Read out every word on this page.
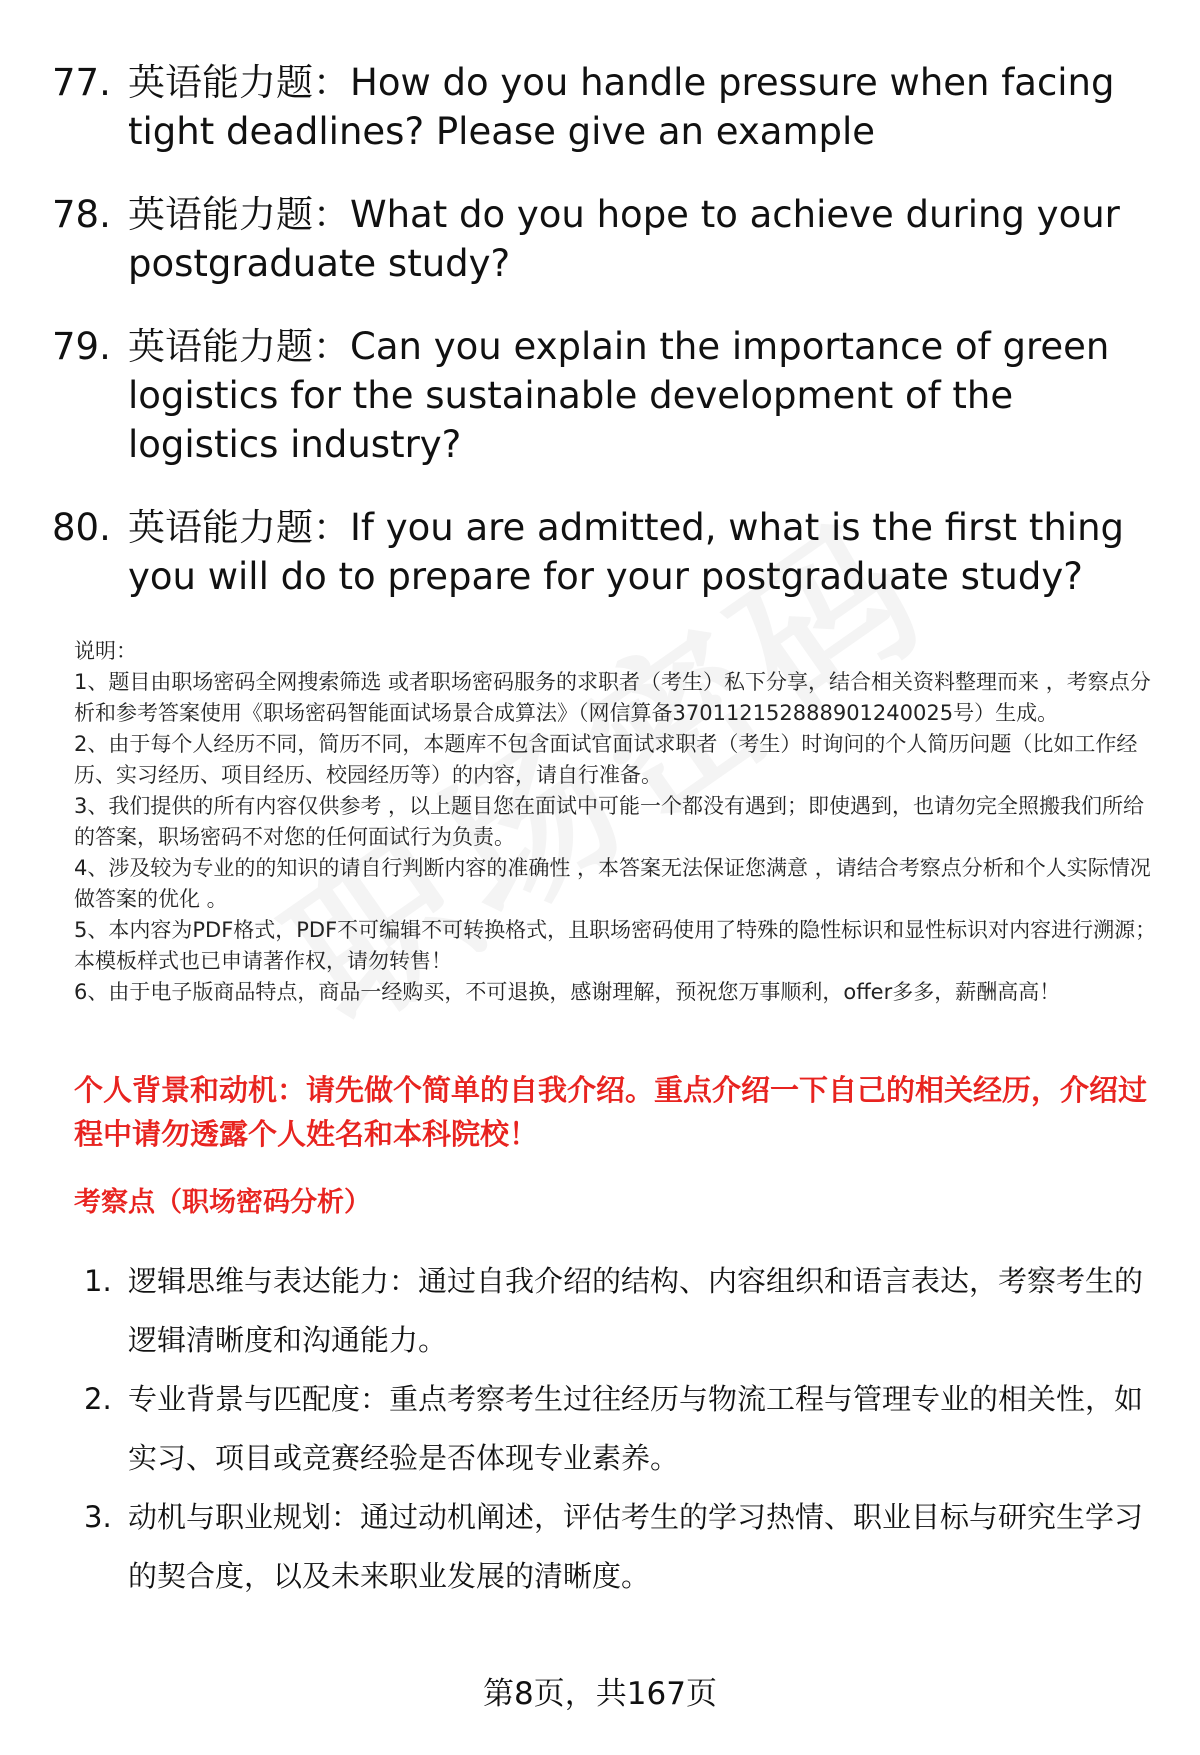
77. 英语能力题：How do you handle pressure when facing tight deadlines? Please give an example
78. 英语能力题：What do you hope to achieve during your postgraduate study?
79. 英语能力题：Can you explain the importance of green logistics for the sustainable development of the logistics industry?
80. 英语能力题：If you are admitted, what is the first thing you will do to prepare for your postgraduate study?

说明：

1、题目由职场密码全网搜索筛选 或者职场密码服务的求职者（考生）私下分享，结合相关资料整理而来 ，考察点分析和参考答案使用《职场密码智能面试场景合成算法》（网信算备370112152888901240025号）生成。

2、由于每个人经历不同，简历不同，本题库不包含面试官面试求职者（考生）时询问的个人简历问题（比如工作经历、实习经历、项目经历、校园经历等）的内容，请自行准备。

3、我们提供的所有内容仅供参考 ，以上题目您在面试中可能一个都没有遇到；即使遇到，也请勿完全照搬我们所给的答案，职场密码不对您的任何面试行为负责。

4、涉及较为专业的的知识的请自行判断内容的准确性 ，本答案无法保证您满意 ，请结合考察点分析和个人实际情况做答案的优化 。

5、本内容为PDF格式，PDF不可编辑不可转换格式，且职场密码使用了特殊的隐性标识和显性标识对内容进行溯源；本模板样式也已申请著作权，请勿转售！

6、由于电子版商品特点，商品一经购买，不可退换，感谢理解，预祝您万事顺利，offer多多，薪酬高高！

个人背景和动机：请先做个简单的自我介绍。重点介绍一下自己的相关经历，介绍过程中请勿透露个人姓名和本科院校！
考察点（职场密码分析）
1. 逻辑思维与表达能力：通过自我介绍的结构、内容组织和语言表达，考察考生的逻辑清晰度和沟通能力。
2. 专业背景与匹配度：重点考察考生过往经历与物流工程与管理专业的相关性，如实习、项目或竞赛经验是否体现专业素养。
3. 动机与职业规划：通过动机阐述，评估考生的学习热情、职业目标与研究生学习的契合度，以及未来职业发展的清晰度。
第8页，共167页
